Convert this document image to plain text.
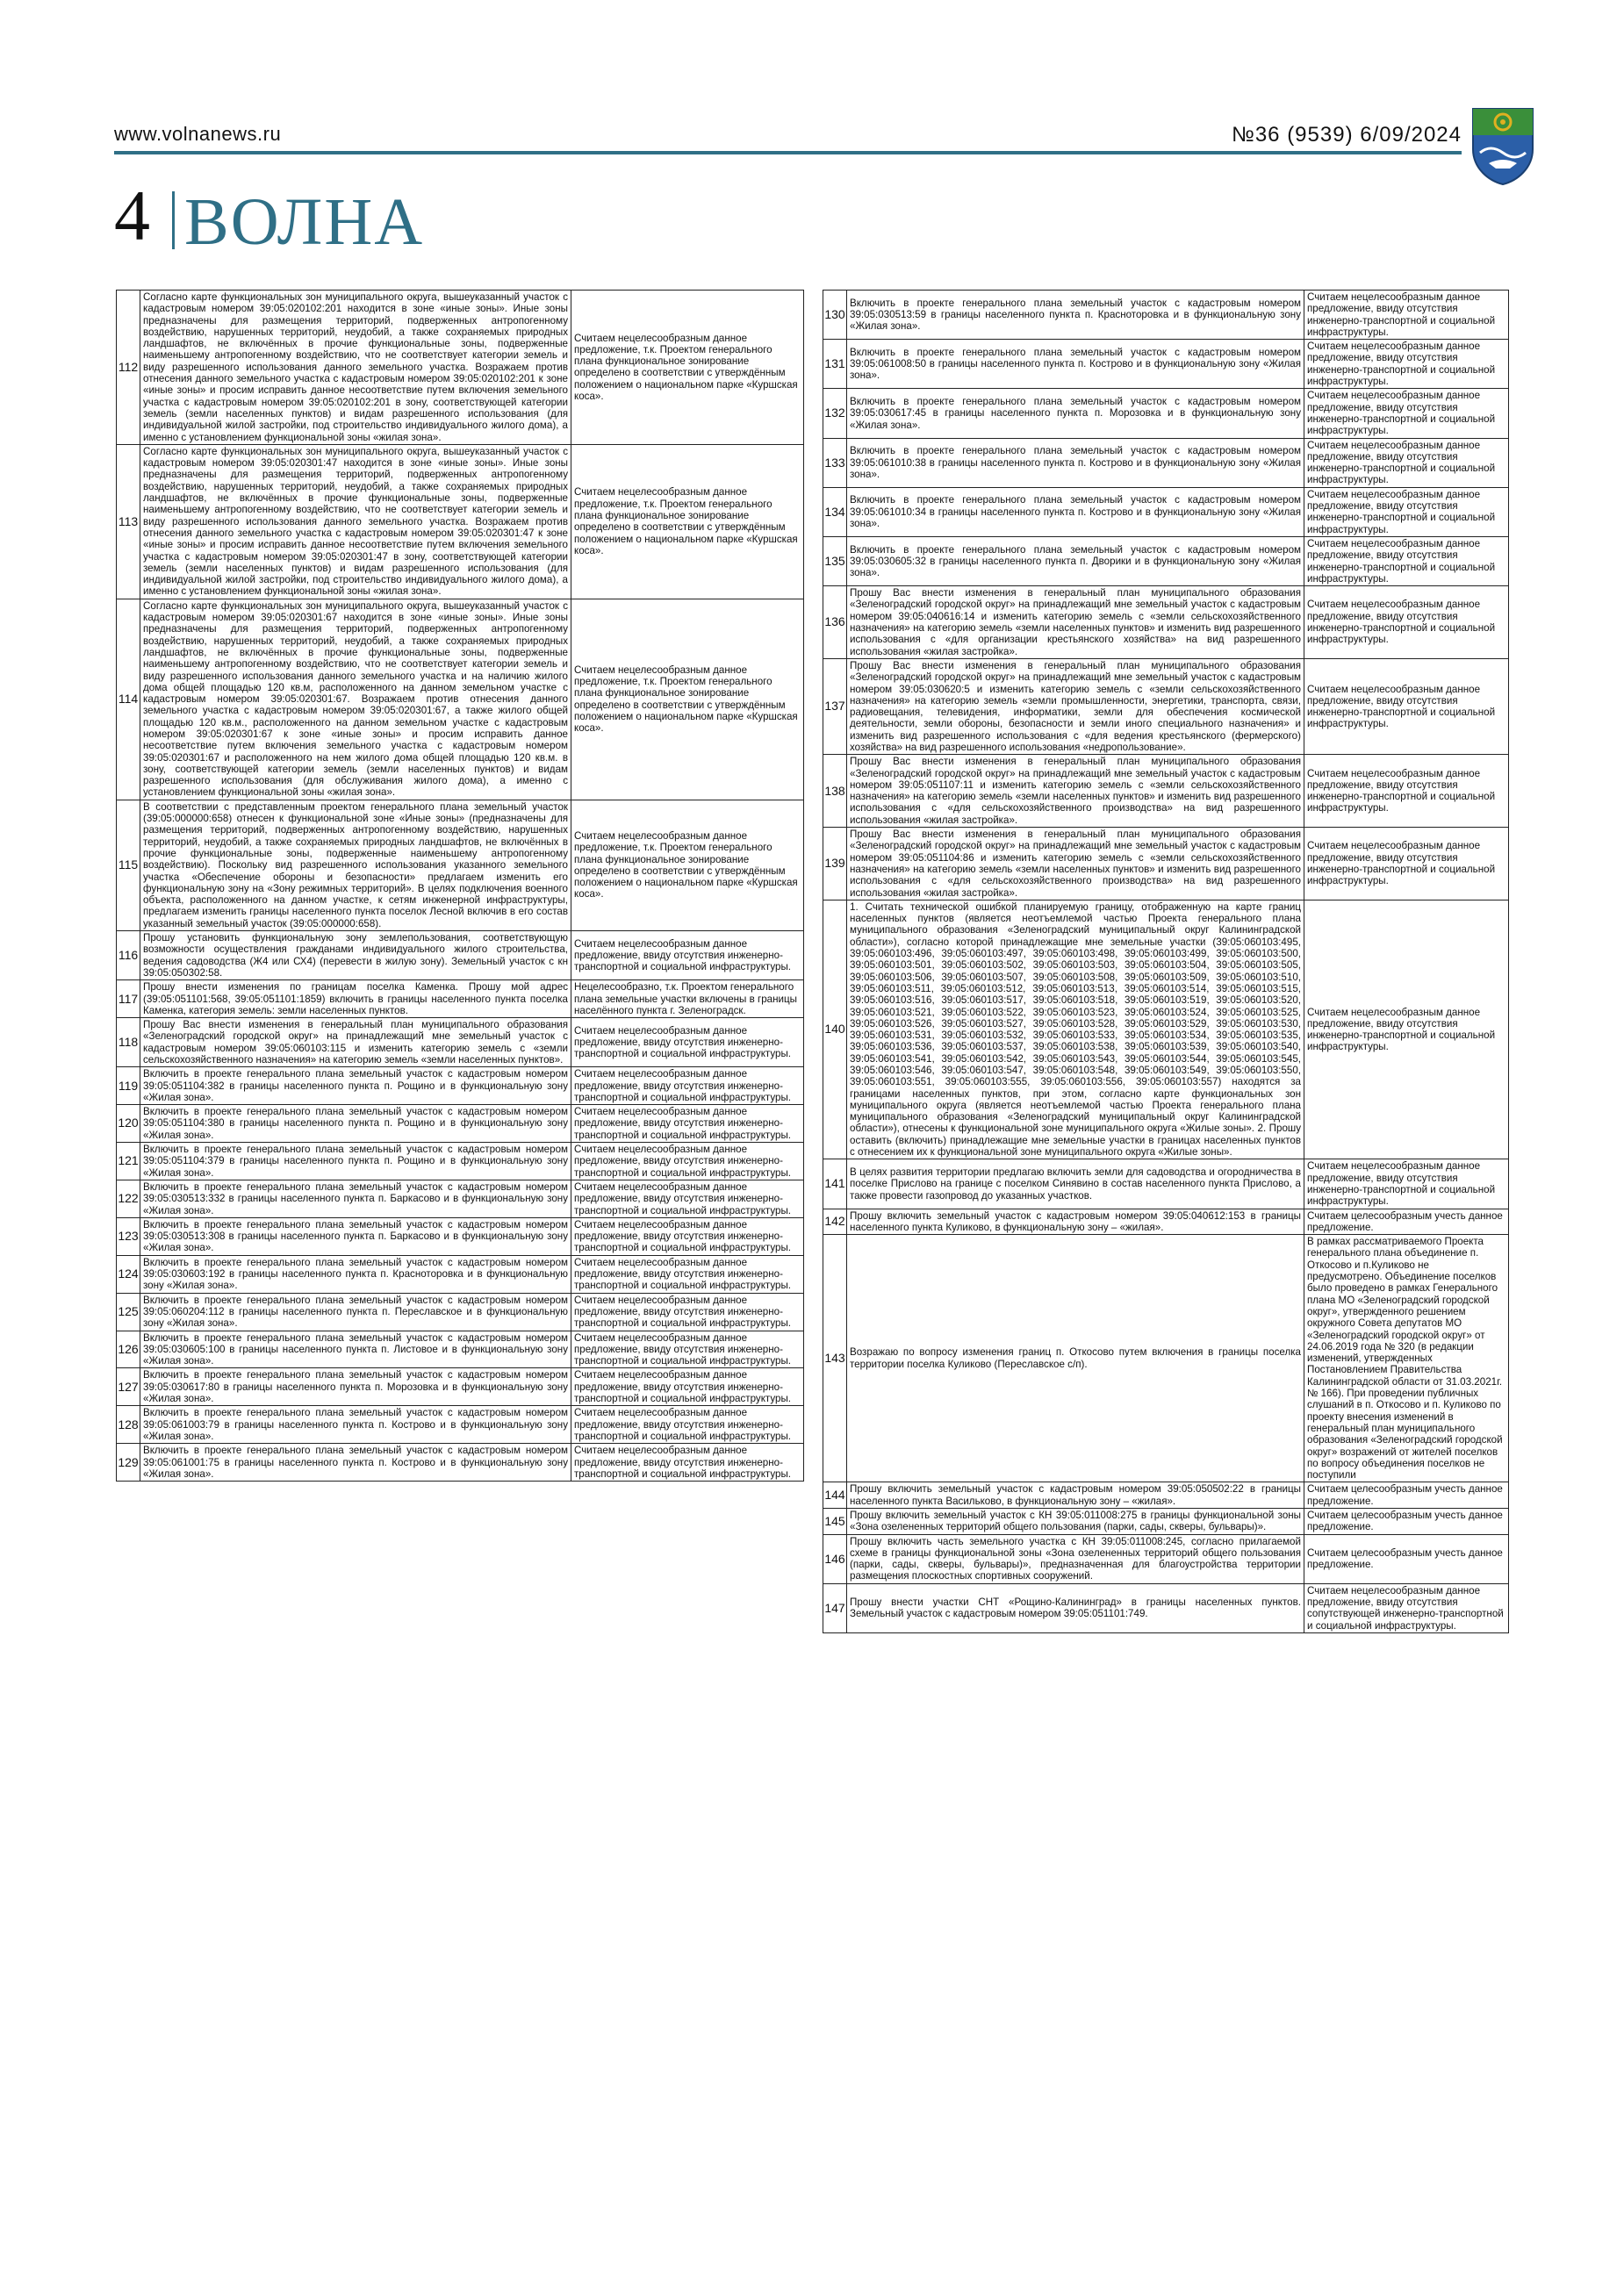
www.volnanews.ru	№36 (9539) 6/09/2024
4 ВОЛНА
112	Согласно карте функциональных зон муниципального округа, вышеуказанный участок с кадастровым номером 39:05:020102:201 находится в зоне «иные зоны». Иные зоны предназначены для размещения территорий, подверженных антропогенному воздействию, нарушенных территорий, неудобий, а также сохраняемых природных ландшафтов, не включённых в прочие функциональные зоны, подверженные наименьшему антропогенному воздействию, что не соответствует категории земель и виду разрешенного использования данного земельного участка. Возражаем против отнесения данного земельного участка с кадастровым номером 39:05:020102:201 к зоне «иные зоны» и просим исправить данное несоответствие путем включения земельного участка с кадастровым номером 39:05:020102:201 в зону, соответствующей категории земель (земли населенных пунктов) и видам разрешенного использования (для индивидуальной жилой застройки, под строительство индивидуального жилого дома), а именно с установлением функциональной зоны «жилая зона».	Считаем нецелесообразным данное предложение, т.к. Проектом генерального плана функциональное зонирование определено в соответствии с утверждённым положением о национальном парке «Куршская коса».
113	Согласно карте функциональных зон муниципального округа, вышеуказанный участок с кадастровым номером 39:05:020301:47 находится в зоне «иные зоны». Иные зоны предназначены для размещения территорий, подверженных антропогенному воздействию, нарушенных территорий, неудобий, а также сохраняемых природных ландшафтов, не включённых в прочие функциональные зоны, подверженные наименьшему антропогенному воздействию, что не соответствует категории земель и виду разрешенного использования данного земельного участка. Возражаем против отнесения данного земельного участка с кадастровым номером 39:05:020301:47 к зоне «иные зоны» и просим исправить данное несоответствие путем включения земельного участка с кадастровым номером 39:05:020301:47 в зону, соответствующей категории земель (земли населенных пунктов) и видам разрешенного использования (для индивидуальной жилой застройки, под строительство индивидуального жилого дома), а именно с установлением функциональной зоны «жилая зона».	Считаем нецелесообразным данное предложение, т.к. Проектом генерального плана функциональное зонирование определено в соответствии с утверждённым положением о национальном парке «Куршская коса».
114	Согласно карте функциональных зон муниципального округа, вышеуказанный участок с кадастровым номером 39:05:020301:67 находится в зоне «иные зоны». Иные зоны предназначены для размещения территорий, подверженных антропогенному воздействию, нарушенных территорий, неудобий, а также сохраняемых природных ландшафтов, не включённых в прочие функциональные зоны, подверженные наименьшему антропогенному воздействию, что не соответствует категории земель и виду разрешенного использования данного земельного участка и на наличию жилого дома общей площадью 120 кв.м, расположенного на данном земельном участке с кадастровым номером 39:05:020301:67. Возражаем против отнесения данного земельного участка с кадастровым номером 39:05:020301:67, а также жилого общей площадью 120 кв.м., расположенного на данном земельном участке с кадастровым номером 39:05:020301:67 к зоне «иные зоны» и просим исправить данное несоответствие путем включения земельного участка с кадастровым номером 39:05:020301:67 и расположенного на нем жилого дома общей площадью 120 кв.м. в зону, соответствующей категории земель (земли населенных пунктов) и видам разрешенного использования (для обслуживания жилого дома), а именно с установлением функциональной зоны «жилая зона».	Считаем нецелесообразным данное предложение, т.к. Проектом генерального плана функциональное зонирование определено в соответствии с утверждённым положением о национальном парке «Куршская коса».
115	В соответствии с представленным проектом генерального плана земельный участок (39:05:000000:658) отнесен к функциональной зоне «Иные зоны» (предназначены для размещения территорий, подверженных антропогенному воздействию, нарушенных территорий, неудобий, а также сохраняемых природных ландшафтов, не включённых в прочие функциональные зоны, подверженные наименьшему антропогенному воздействию). Поскольку вид разрешенного использования указанного земельного участка «Обеспечение обороны и безопасности» предлагаем изменить его функциональную зону на «Зону режимных территорий». В целях подключения военного объекта, расположенного на данном участке, к сетям инженерной инфраструктуры, предлагаем изменить границы населенного пункта поселок Лесной включив в его состав указанный земельный участок (39:05:000000:658).	Считаем нецелесообразным данное предложение, т.к. Проектом генерального плана функциональное зонирование определено в соответствии с утверждённым положением о национальном парке «Куршская коса».
116	Прошу установить функциональную зону землепользования, соответствующую возможности осуществления гражданами индивидуального жилого строительства, ведения садоводства (Ж4 или СХ4) (перевести в жилую зону). Земельный участок с кн 39:05:050302:58.	Считаем нецелесообразным данное предложение, ввиду отсутствия инженерно-транспортной и социальной инфраструктуры.
117	Прошу внести изменения по границам поселка Каменка. Прошу мой адрес (39:05:051101:568, 39:05:051101:1859) включить в границы населенного пункта поселка Каменка, категория земель: земли населенных пунктов.	Нецелесообразно, т.к. Проектом генерального плана земельные участки включены в границы населённого пункта г. Зеленоградск.
118	Прошу Вас внести изменения в генеральный план муниципального образования «Зеленоградский городской округ» на принадлежащий мне земельный участок с кадастровым номером 39:05:060103:115 и изменить категорию земель с «земли сельскохозяйственного назначения» на категорию земель «земли населенных пунктов».	Считаем нецелесообразным данное предложение, ввиду отсутствия инженерно-транспортной и социальной инфраструктуры.
119	Включить в проекте генерального плана земельный участок с кадастровым номером 39:05:051104:382 в границы населенного пункта п. Рощино и в функциональную зону «Жилая зона».	Считаем нецелесообразным данное предложение, ввиду отсутствия инженерно-транспортной и социальной инфраструктуры.
120	Включить в проекте генерального плана земельный участок с кадастровым номером 39:05:051104:380 в границы населенного пункта п. Рощино и в функциональную зону «Жилая зона».	Считаем нецелесообразным данное предложение, ввиду отсутствия инженерно-транспортной и социальной инфраструктуры.
121	Включить в проекте генерального плана земельный участок с кадастровым номером 39:05:051104:379 в границы населенного пункта п. Рощино и в функциональную зону «Жилая зона».	Считаем нецелесообразным данное предложение, ввиду отсутствия инженерно-транспортной и социальной инфраструктуры.
122	Включить в проекте генерального плана земельный участок с кадастровым номером 39:05:030513:332 в границы населенного пункта п. Баркасово и в функциональную зону «Жилая зона».	Считаем нецелесообразным данное предложение, ввиду отсутствия инженерно-транспортной и социальной инфраструктуры.
123	Включить в проекте генерального плана земельный участок с кадастровым номером 39:05:030513:308 в границы населенного пункта п. Баркасово и в функциональную зону «Жилая зона».	Считаем нецелесообразным данное предложение, ввиду отсутствия инженерно-транспортной и социальной инфраструктуры.
124	Включить в проекте генерального плана земельный участок с кадастровым номером 39:05:030603:192 в границы населенного пункта п. Красноторовка и в функциональную зону «Жилая зона».	Считаем нецелесообразным данное предложение, ввиду отсутствия инженерно-транспортной и социальной инфраструктуры.
125	Включить в проекте генерального плана земельный участок с кадастровым номером 39:05:060204:112 в границы населенного пункта п. Переславское и в функциональную зону «Жилая зона».	Считаем нецелесообразным данное предложение, ввиду отсутствия инженерно-транспортной и социальной инфраструктуры.
126	Включить в проекте генерального плана земельный участок с кадастровым номером 39:05:030605:100 в границы населенного пункта п. Листовое и в функциональную зону «Жилая зона».	Считаем нецелесообразным данное предложение, ввиду отсутствия инженерно-транспортной и социальной инфраструктуры.
127	Включить в проекте генерального плана земельный участок с кадастровым номером 39:05:030617:80 в границы населенного пункта п. Морозовка и в функциональную зону «Жилая зона».	Считаем нецелесообразным данное предложение, ввиду отсутствия инженерно-транспортной и социальной инфраструктуры.
128	Включить в проекте генерального плана земельный участок с кадастровым номером 39:05:061003:79 в границы населенного пункта п. Кострово и в функциональную зону «Жилая зона».	Считаем нецелесообразным данное предложение, ввиду отсутствия инженерно-транспортной и социальной инфраструктуры.
129	Включить в проекте генерального плана земельный участок с кадастровым номером 39:05:061001:75 в границы населенного пункта п. Кострово и в функциональную зону «Жилая зона».	Считаем нецелесообразным данное предложение, ввиду отсутствия инженерно-транспортной и социальной инфраструктуры.
130	Включить в проекте генерального плана земельный участок с кадастровым номером 39:05:030513:59 в границы населенного пункта п. Красноторовка и в функциональную зону «Жилая зона».	Считаем нецелесообразным данное предложение, ввиду отсутствия инженерно-транспортной и социальной инфраструктуры.
131	Включить в проекте генерального плана земельный участок с кадастровым номером 39:05:061008:50 в границы населенного пункта п. Кострово и в функциональную зону «Жилая зона».	Считаем нецелесообразным данное предложение, ввиду отсутствия инженерно-транспортной и социальной инфраструктуры.
132	Включить в проекте генерального плана земельный участок с кадастровым номером 39:05:030617:45 в границы населенного пункта п. Морозовка и в функциональную зону «Жилая зона».	Считаем нецелесообразным данное предложение, ввиду отсутствия инженерно-транспортной и социальной инфраструктуры.
133	Включить в проекте генерального плана земельный участок с кадастровым номером 39:05:061010:38 в границы населенного пункта п. Кострово и в функциональную зону «Жилая зона».	Считаем нецелесообразным данное предложение, ввиду отсутствия инженерно-транспортной и социальной инфраструктуры.
134	Включить в проекте генерального плана земельный участок с кадастровым номером 39:05:061010:34 в границы населенного пункта п. Кострово и в функциональную зону «Жилая зона».	Считаем нецелесообразным данное предложение, ввиду отсутствия инженерно-транспортной и социальной инфраструктуры.
135	Включить в проекте генерального плана земельный участок с кадастровым номером 39:05:030605:32 в границы населенного пункта п. Дворики и в функциональную зону «Жилая зона».	Считаем нецелесообразным данное предложение, ввиду отсутствия инженерно-транспортной и социальной инфраструктуры.
136	Прошу Вас внести изменения в генеральный план муниципального образования «Зеленоградский городской округ» на принадлежащий мне земельный участок с кадастровым номером 39:05:040616:14 и изменить категорию земель с «земли сельскохозяйственного назначения» на категорию земель «земли населенных пунктов» и изменить вид разрешенного использования с «для организации крестьянского хозяйства» на вид разрешенного использования «жилая застройка».	Считаем нецелесообразным данное предложение, ввиду отсутствия инженерно-транспортной и социальной инфраструктуры.
137	Прошу Вас внести изменения в генеральный план муниципального образования «Зеленоградский городской округ» на принадлежащий мне земельный участок с кадастровым номером 39:05:030620:5 и изменить категорию земель с «земли сельскохозяйственного назначения» на категорию земель «земли промышленности, энергетики, транспорта, связи, радиовещания, телевидения, информатики, земли для обеспечения космической деятельности, земли обороны, безопасности и земли иного специального назначения» и изменить вид разрешенного использования с «для ведения крестьянского (фермерского) хозяйства» на вид разрешенного использования «недропользование».	Считаем нецелесообразным данное предложение, ввиду отсутствия инженерно-транспортной и социальной инфраструктуры.
138	Прошу Вас внести изменения в генеральный план муниципального образования «Зеленоградский городской округ» на принадлежащий мне земельный участок с кадастровым номером 39:05:051107:11 и изменить категорию земель с «земли сельскохозяйственного назначения» на категорию земель «земли населенных пунктов» и изменить вид разрешенного использования с «для сельскохозяйственного производства» на вид разрешенного использования «жилая застройка».	Считаем нецелесообразным данное предложение, ввиду отсутствия инженерно-транспортной и социальной инфраструктуры.
139	Прошу Вас внести изменения в генеральный план муниципального образования «Зеленоградский городской округ» на принадлежащий мне земельный участок с кадастровым номером 39:05:051104:86 и изменить категорию земель с «земли сельскохозяйственного назначения» на категорию земель «земли населенных пунктов» и изменить вид разрешенного использования с «для сельскохозяйственного производства» на вид разрешенного использования «жилая застройка».	Считаем нецелесообразным данное предложение, ввиду отсутствия инженерно-транспортной и социальной инфраструктуры.
140	1. Считать технической ошибкой планируемую границу, отображенную на карте границ населенных пунктов (является неотъемлемой частью Проекта генерального плана муниципального образования «Зеленоградский муниципальный округ Калининградской области»), согласно которой принадлежащие мне земельные участки (39:05:060103:495, 39:05:060103:496, 39:05:060103:497, 39:05:060103:498, 39:05:060103:499, 39:05:060103:500, 39:05:060103:501, 39:05:060103:502, 39:05:060103:503, 39:05:060103:504, 39:05:060103:505, 39:05:060103:506, 39:05:060103:507, 39:05:060103:508, 39:05:060103:509, 39:05:060103:510, 39:05:060103:511, 39:05:060103:512, 39:05:060103:513, 39:05:060103:514, 39:05:060103:515, 39:05:060103:516, 39:05:060103:517, 39:05:060103:518, 39:05:060103:519, 39:05:060103:520, 39:05:060103:521, 39:05:060103:522, 39:05:060103:523, 39:05:060103:524, 39:05:060103:525, 39:05:060103:526, 39:05:060103:527, 39:05:060103:528, 39:05:060103:529, 39:05:060103:530, 39:05:060103:531, 39:05:060103:532, 39:05:060103:533, 39:05:060103:534, 39:05:060103:535, 39:05:060103:536, 39:05:060103:537, 39:05:060103:538, 39:05:060103:539, 39:05:060103:540, 39:05:060103:541, 39:05:060103:542, 39:05:060103:543, 39:05:060103:544, 39:05:060103:545, 39:05:060103:546, 39:05:060103:547, 39:05:060103:548, 39:05:060103:549, 39:05:060103:550, 39:05:060103:551, 39:05:060103:555, 39:05:060103:556, 39:05:060103:557) находятся за границами населенных пунктов, при этом, согласно карте функциональных зон муниципального округа (является неотъемлемой частью Проекта генерального плана муниципального образования «Зеленоградский муниципальный округ Калининградской области»), отнесены к функциональной зоне муниципального округа «Жилые зоны». 2. Прошу оставить (включить) принадлежащие мне земельные участки в границах населенных пунктов с отнесением их к функциональной зоне муниципального округа «Жилые зоны».	Считаем нецелесообразным данное предложение, ввиду отсутствия инженерно-транспортной и социальной инфраструктуры.
141	В целях развития территории предлагаю включить земли для садоводства и огородничества в поселке Прислово на границе с поселком Синявино в состав населенного пункта Прислово, а также провести газопровод до указанных участков.	Считаем нецелесообразным данное предложение, ввиду отсутствия инженерно-транспортной и социальной инфраструктуры.
142	Прошу включить земельный участок с кадастровым номером 39:05:040612:153 в границы населенного пункта Куликово, в функциональную зону – «жилая».	Считаем целесообразным учесть данное предложение.
143	Возражаю по вопросу изменения границ п. Откосово путем включения в границы поселка территории поселка Куликово (Переславское с/п).	В рамках рассматриваемого Проекта генерального плана объединение п. Откосово и п.Куликово не предусмотрено. Объединение поселков было проведено в рамках Генерального плана МО «Зеленоградский городской округ», утвержденного решением окружного Совета депутатов МО «Зеленоградский городской округ» от 24.06.2019 года № 320 (в редакции изменений, утвержденных Постановлением Правительства Калининградской области от 31.03.2021г. № 166). При проведении публичных слушаний в п. Откосово и п. Куликово по проекту внесения изменений в генеральный план муниципального образования «Зеленоградский городской округ» возражений от жителей поселков по вопросу объединения поселков не поступили
144	Прошу включить земельный участок с кадастровым номером 39:05:050502:22 в границы населенного пункта Васильково, в функциональную зону – «жилая».	Считаем целесообразным учесть данное предложение.
145	Прошу включить земельный участок с КН 39:05:011008:275 в границы функциональной зоны «Зона озелененных территорий общего пользования (парки, сады, скверы, бульвары)».	Считаем целесообразным учесть данное предложение.
146	Прошу включить часть земельного участка с КН 39:05:011008:245, согласно прилагаемой схеме в границы функциональной зоны «Зона озелененных территорий общего пользования (парки, сады, скверы, бульвары)», предназначенная для благоустройства территории размещения плоскостных спортивных сооружений.	Считаем целесообразным учесть данное предложение.
147	Прошу внести участки СНТ «Рощино-Калининград» в границы населенных пунктов. Земельный участок с кадастровым номером 39:05:051101:749.	Считаем нецелесообразным данное предложение, ввиду отсутствия сопутствующей инженерно-транспортной и социальной инфраструктуры.
